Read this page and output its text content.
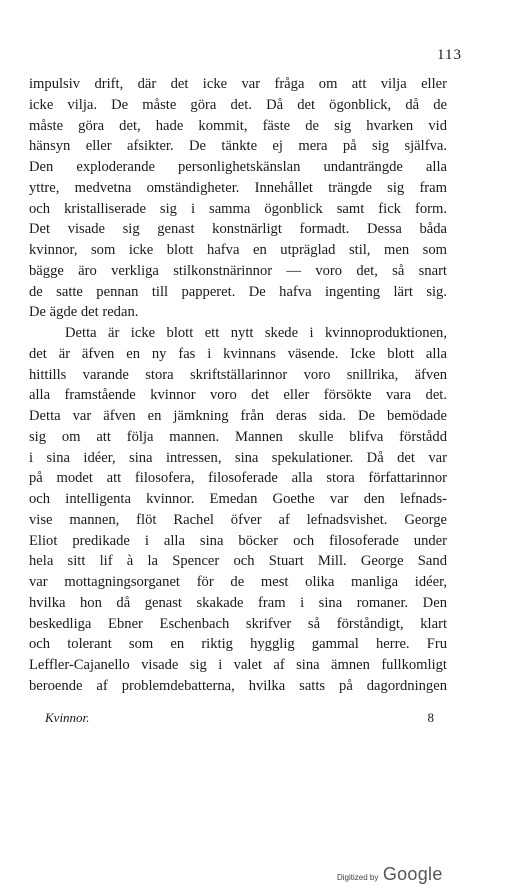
113
impulsiv drift, där det icke var fråga om att vilja eller
icke vilja. De måste göra det. Då det ögonblick, då de
måste göra det, hade kommit, fäste de sig hvarken vid
hänsyn eller afsikter. De tänkte ej mera på sig själfva.
Den exploderande personlighetskänslan undanträngde alla
yttre, medvetna omständigheter. Innehållet trängde sig fram
och kristalliserade sig i samma ögonblick samt fick form.
Det visade sig genast konstnärligt formadt. Dessa båda
kvinnor, som icke blott hafva en utpräglad stil, men som
bägge äro verkliga stilkonstnärinnor — voro det, så snart
de satte pennan till papperet. De hafva ingenting lärt sig.
De ägde det redan.
Detta är icke blott ett nytt skede i kvinnoproduktionen,
det är äfven en ny fas i kvinnans väsende. Icke blott alla
hittills varande stora skriftställarinnor voro snillrika, äfven
alla framstående kvinnor voro det eller försökte vara det.
Detta var äfven en jämkning från deras sida. De bemödade
sig om att följa mannen. Mannen skulle blifva förstådd
i sina idéer, sina intressen, sina spekulationer. Då det var
på modet att filosofera, filosoferade alla stora författarinnor
och intelligenta kvinnor. Emedan Goethe var den lefnads-
vise mannen, flöt Rachel öfver af lefnadsvishet. George
Eliot predikade i alla sina böcker och filosoferade under
hela sitt lif à la Spencer och Stuart Mill. George Sand
var mottagningsorganet för de mest olika manliga idéer,
hvilka hon då genast skakade fram i sina romaner. Den
beskedliga Ebner Eschenbach skrifver så förståndigt, klart
och tolerant som en riktig hygglig gammal herre. Fru
Leffler-Cajanello visade sig i valet af sina ämnen fullkomligt
beroende af problemdebatterna, hvilka satts på dagordningen
Kvinnor.	8
Digitized by Google
